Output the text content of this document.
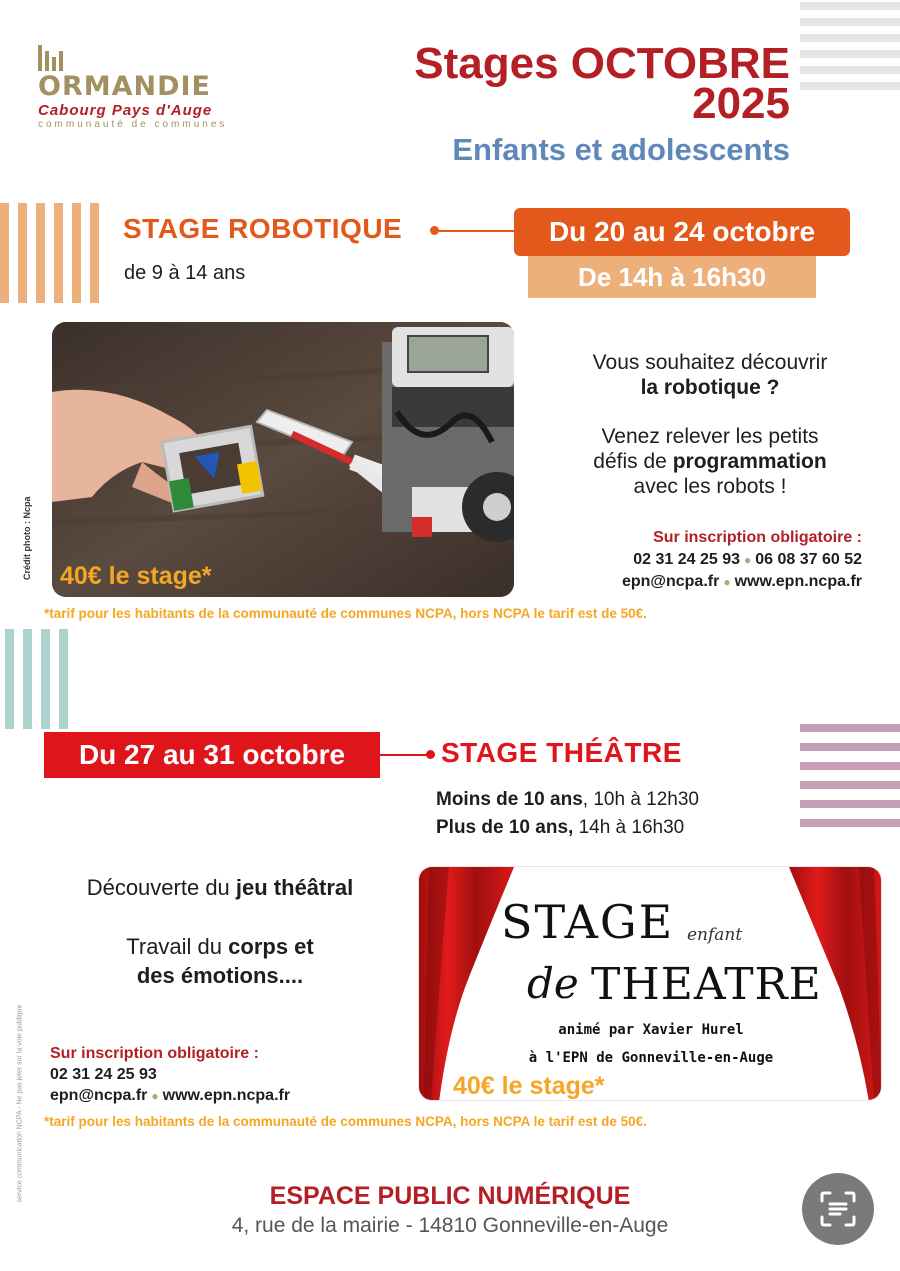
ORMANDIE
Cabourg Pays d'Auge
communauté de communes
Stages OCTOBRE
2025
Enfants et adolescents
STAGE ROBOTIQUE
de 9 à 14 ans
Du 20 au 24 octobre
De 14h à 16h30
40€ le stage*
Crédit photo : Ncpa
Vous souhaitez découvrir
la robotique ?
Venez relever les petits
défis de programmation
avec les robots !
Sur inscription obligatoire :
02 31 24 25 93 ● 06 08 37 60 52
epn@ncpa.fr ● www.epn.ncpa.fr
*tarif pour les habitants de la communauté de communes NCPA, hors NCPA le tarif est de 50€.
Du 27 au 31 octobre	STAGE THÉÂTRE
Moins de 10 ans, 10h à 12h30
Plus de 10 ans, 14h à 16h30
Découverte du jeu théâtral
Travail du corps et
des émotions....
Sur inscription obligatoire :
02 31 24 25 93
epn@ncpa.fr ● www.epn.ncpa.fr
STAGE enfant
de THEATRE
animé par Xavier Hurel
à l'EPN de Gonneville-en-Auge
40€ le stage*
*tarif pour les habitants de la communauté de communes NCPA, hors NCPA le tarif est de 50€.
service communication NCPA - Ne pas jeter sur la voie publique	ESPACE PUBLIC NUMÉRIQUE
4, rue de la mairie - 14810 Gonneville-en-Auge
